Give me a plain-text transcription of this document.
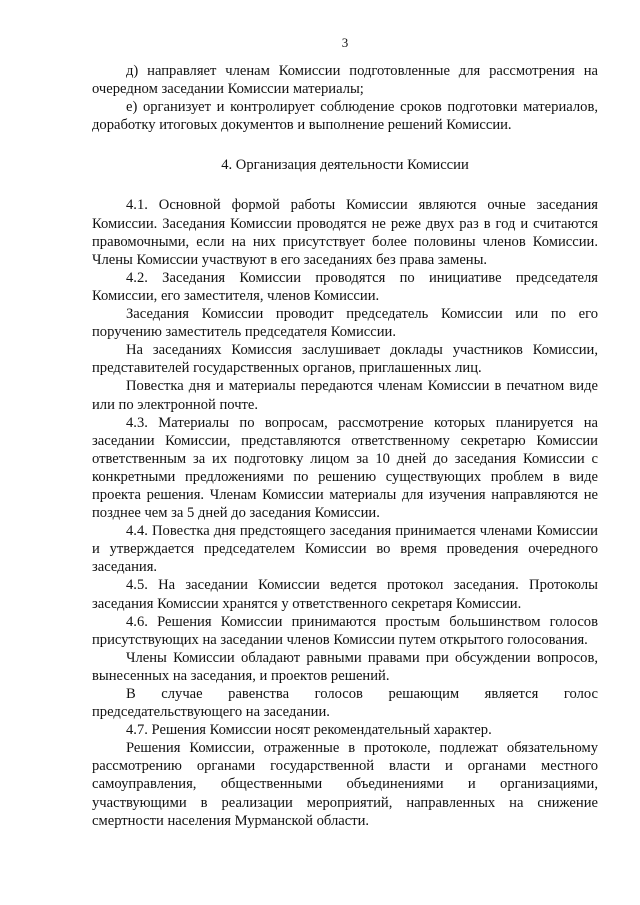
3

д) направляет членам Комиссии подготовленные для рассмотрения на очередном заседании Комиссии материалы;

е) организует и контролирует соблюдение сроков подготовки материалов, доработку итоговых документов и выполнение решений Комиссии.

4. Организация деятельности Комиссии

4.1. Основной формой работы Комиссии являются очные заседания Комиссии. Заседания Комиссии проводятся не реже двух раз в год и считаются правомочными, если на них присутствует более половины членов Комиссии. Члены Комиссии участвуют в его заседаниях без права замены.

4.2. Заседания Комиссии проводятся по инициативе председателя Комиссии, его заместителя, членов Комиссии.

Заседания Комиссии проводит председатель Комиссии или по его поручению заместитель председателя Комиссии.

На заседаниях Комиссия заслушивает доклады участников Комиссии, представителей государственных органов, приглашенных лиц.

Повестка дня и материалы передаются членам Комиссии в печатном виде или по электронной почте.

4.3. Материалы по вопросам, рассмотрение которых планируется на заседании Комиссии, представляются ответственному секретарю Комиссии ответственным за их подготовку лицом за 10 дней до заседания Комиссии с конкретными предложениями по решению существующих проблем в виде проекта решения. Членам Комиссии материалы для изучения направляются не позднее чем за 5 дней до заседания Комиссии.

4.4. Повестка дня предстоящего заседания принимается членами Комиссии и утверждается председателем Комиссии во время проведения очередного заседания.

4.5. На заседании Комиссии ведется протокол заседания. Протоколы заседания Комиссии хранятся у ответственного секретаря Комиссии.

4.6. Решения Комиссии принимаются простым большинством голосов присутствующих на заседании членов Комиссии путем открытого голосования.

Члены Комиссии обладают равными правами при обсуждении вопросов, вынесенных на заседания, и проектов решений.

В случае равенства голосов решающим является голос председательствующего на заседании.

4.7. Решения Комиссии носят рекомендательный характер.

Решения Комиссии, отраженные в протоколе, подлежат обязательному рассмотрению органами государственной власти и органами местного самоуправления, общественными объединениями и организациями, участвующими в реализации мероприятий, направленных на снижение смертности населения Мурманской области.
